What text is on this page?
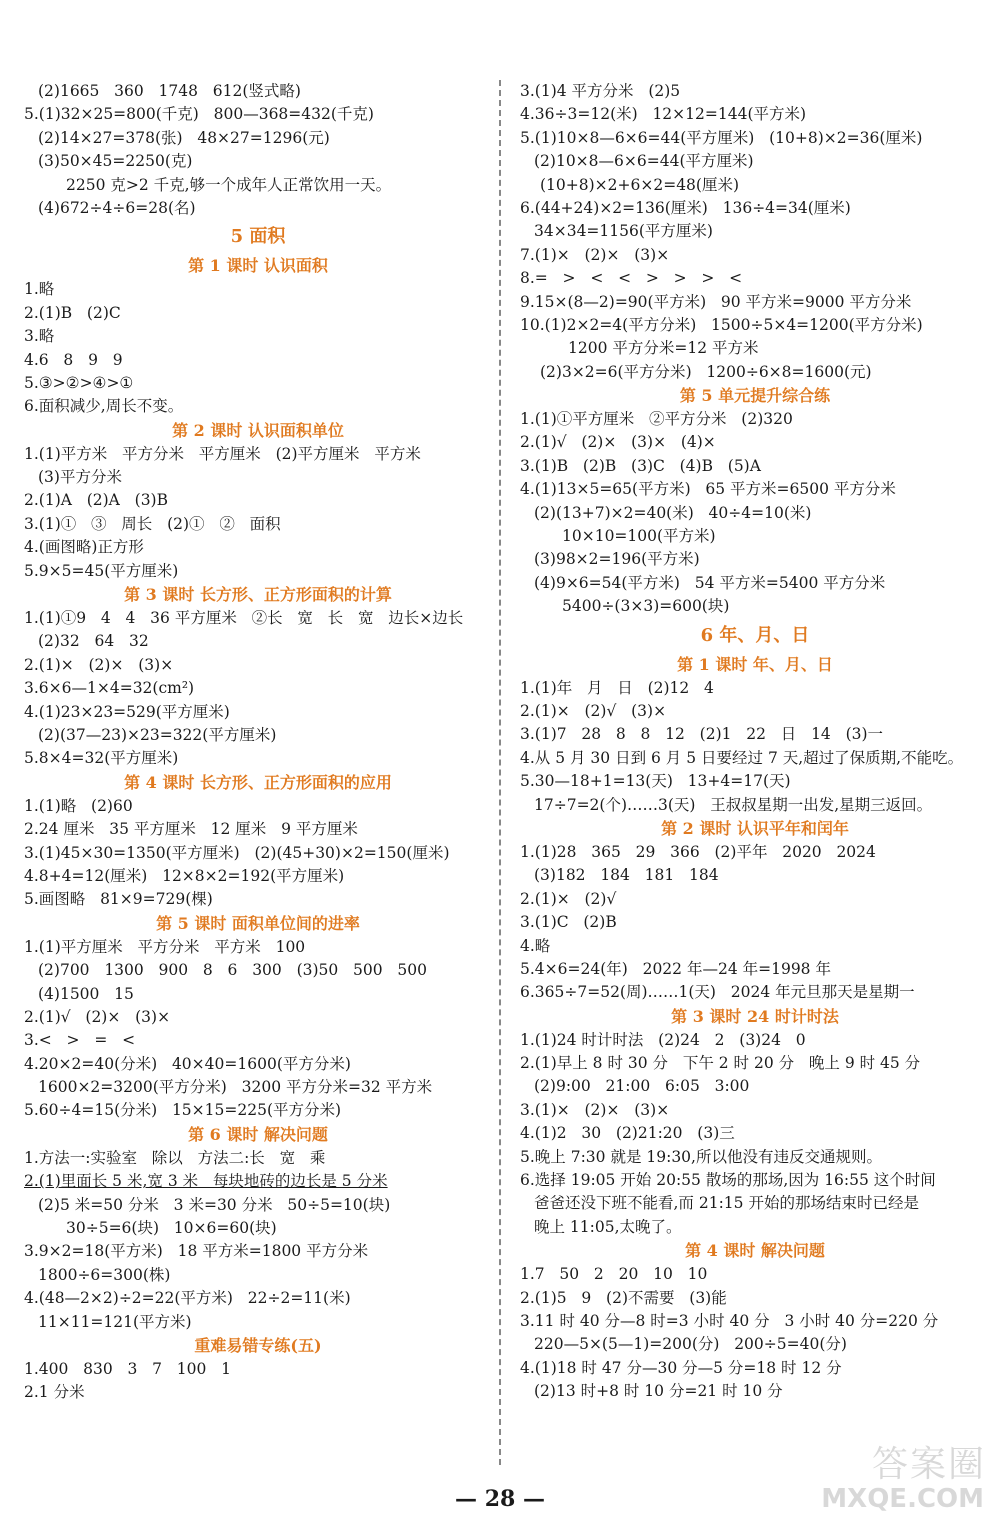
(2)1665   360   1748   612(竖式略)
5.(1)32×25=800(千克)   800—368=432(千克)
(2)14×27=378(张)   48×27=1296(元)
(3)50×45=2250(克)
2250 克>2 千克,够一个成年人正常饮用一天。
(4)672÷4÷6=28(名)
5 面积
第 1 课时 认识面积
1.略
2.(1)B   (2)C
3.略
4.6   8   9   9
5.③>②>④>①
6.面积减少,周长不变。
第 2 课时 认识面积单位
1.(1)平方米   平方分米   平方厘米   (2)平方厘米   平方米
(3)平方分米
2.(1)A   (2)A   (3)B
3.(1)①   ③   周长   (2)①   ②   面积
4.(画图略)正方形
5.9×5=45(平方厘米)
第 3 课时 长方形、正方形面积的计算
1.(1)①9   4   4   36 平方厘米   ②长   宽   长   宽   边长×边长
(2)32   64   32
2.(1)×   (2)×   (3)×
3.6×6—1×4=32(cm²)
4.(1)23×23=529(平方厘米)
(2)(37—23)×23=322(平方厘米)
5.8×4=32(平方厘米)
第 4 课时 长方形、正方形面积的应用
1.(1)略   (2)60
2.24 厘米   35 平方厘米   12 厘米   9 平方厘米
3.(1)45×30=1350(平方厘米)   (2)(45+30)×2=150(厘米)
4.8+4=12(厘米)   12×8×2=192(平方厘米)
5.画图略   81×9=729(棵)
第 5 课时 面积单位间的进率
1.(1)平方厘米   平方分米   平方米   100
(2)700   1300   900   8   6   300   (3)50   500   500
(4)1500   15
2.(1)√   (2)×   (3)×
3.<   >   =   <
4.20×2=40(分米)   40×40=1600(平方分米)
1600×2=3200(平方分米)   3200 平方分米=32 平方米
5.60÷4=15(分米)   15×15=225(平方分米)
第 6 课时 解决问题
1.方法一:实验室   除以   方法二:长   宽   乘
2.(1)里面长 5 米,宽 3 米   每块地砖的边长是 5 分米
(2)5 米=50 分米   3 米=30 分米   50÷5=10(块)
30÷5=6(块)   10×6=60(块)
3.9×2=18(平方米)   18 平方米=1800 平方分米
1800÷6=300(株)
4.(48—2×2)÷2=22(平方米)   22÷2=11(米)
11×11=121(平方米)
重难易错专练(五)
1.400   830   3   7   100   1
2.1 分米
3.(1)4 平方分米   (2)5
4.36÷3=12(米)   12×12=144(平方米)
5.(1)10×8—6×6=44(平方厘米)   (10+8)×2=36(厘米)
(2)10×8—6×6=44(平方厘米)
(10+8)×2+6×2=48(厘米)
6.(44+24)×2=136(厘米)   136÷4=34(厘米)
34×34=1156(平方厘米)
7.(1)×   (2)×   (3)×
8.=   >   <   <   >   >   >   <
9.15×(8—2)=90(平方米)   90 平方米=9000 平方分米
10.(1)2×2=4(平方分米)   1500÷5×4=1200(平方分米)
1200 平方分米=12 平方米
(2)3×2=6(平方分米)   1200÷6×8=1600(元)
第 5 单元提升综合练
1.(1)①平方厘米   ②平方分米   (2)320
2.(1)√   (2)×   (3)×   (4)×
3.(1)B   (2)B   (3)C   (4)B   (5)A
4.(1)13×5=65(平方米)   65 平方米=6500 平方分米
(2)(13+7)×2=40(米)   40÷4=10(米)
10×10=100(平方米)
(3)98×2=196(平方米)
(4)9×6=54(平方米)   54 平方米=5400 平方分米
5400÷(3×3)=600(块)
6 年、月、日
第 1 课时 年、月、日
1.(1)年   月   日   (2)12   4
2.(1)×   (2)√   (3)×
3.(1)7   28   8   8   12   (2)1   22   日   14   (3)一
4.从 5 月 30 日到 6 月 5 日要经过 7 天,超过了保质期,不能吃。
5.30—18+1=13(天)   13+4=17(天)
17÷7=2(个)……3(天)   王叔叔星期一出发,星期三返回。
第 2 课时 认识平年和闰年
1.(1)28   365   29   366   (2)平年   2020   2024
(3)182   184   181   184
2.(1)×   (2)√
3.(1)C   (2)B
4.略
5.4×6=24(年)   2022 年—24 年=1998 年
6.365÷7=52(周)……1(天)   2024 年元旦那天是星期一
第 3 课时 24 时计时法
1.(1)24 时计时法   (2)24   2   (3)24   0
2.(1)早上 8 时 30 分   下午 2 时 20 分   晚上 9 时 45 分
(2)9:00   21:00   6:05   3:00
3.(1)×   (2)×   (3)×
4.(1)2   30   (2)21:20   (3)三
5.晚上 7:30 就是 19:30,所以他没有违反交通规则。
6.选择 19:05 开始 20:55 散场的那场,因为 16:55 这个时间
爸爸还没下班不能看,而 21:15 开始的那场结束时已经是
晚上 11:05,太晚了。
第 4 课时 解决问题
1.7   50   2   20   10   10
2.(1)5   9   (2)不需要   (3)能
3.11 时 40 分—8 时=3 小时 40 分   3 小时 40 分=220 分
220—5×(5—1)=200(分)   200÷5=40(分)
4.(1)18 时 47 分—30 分—5 分=18 时 12 分
(2)13 时+8 时 10 分=21 时 10 分
— 28 —
答案圈
MXQE.COM
